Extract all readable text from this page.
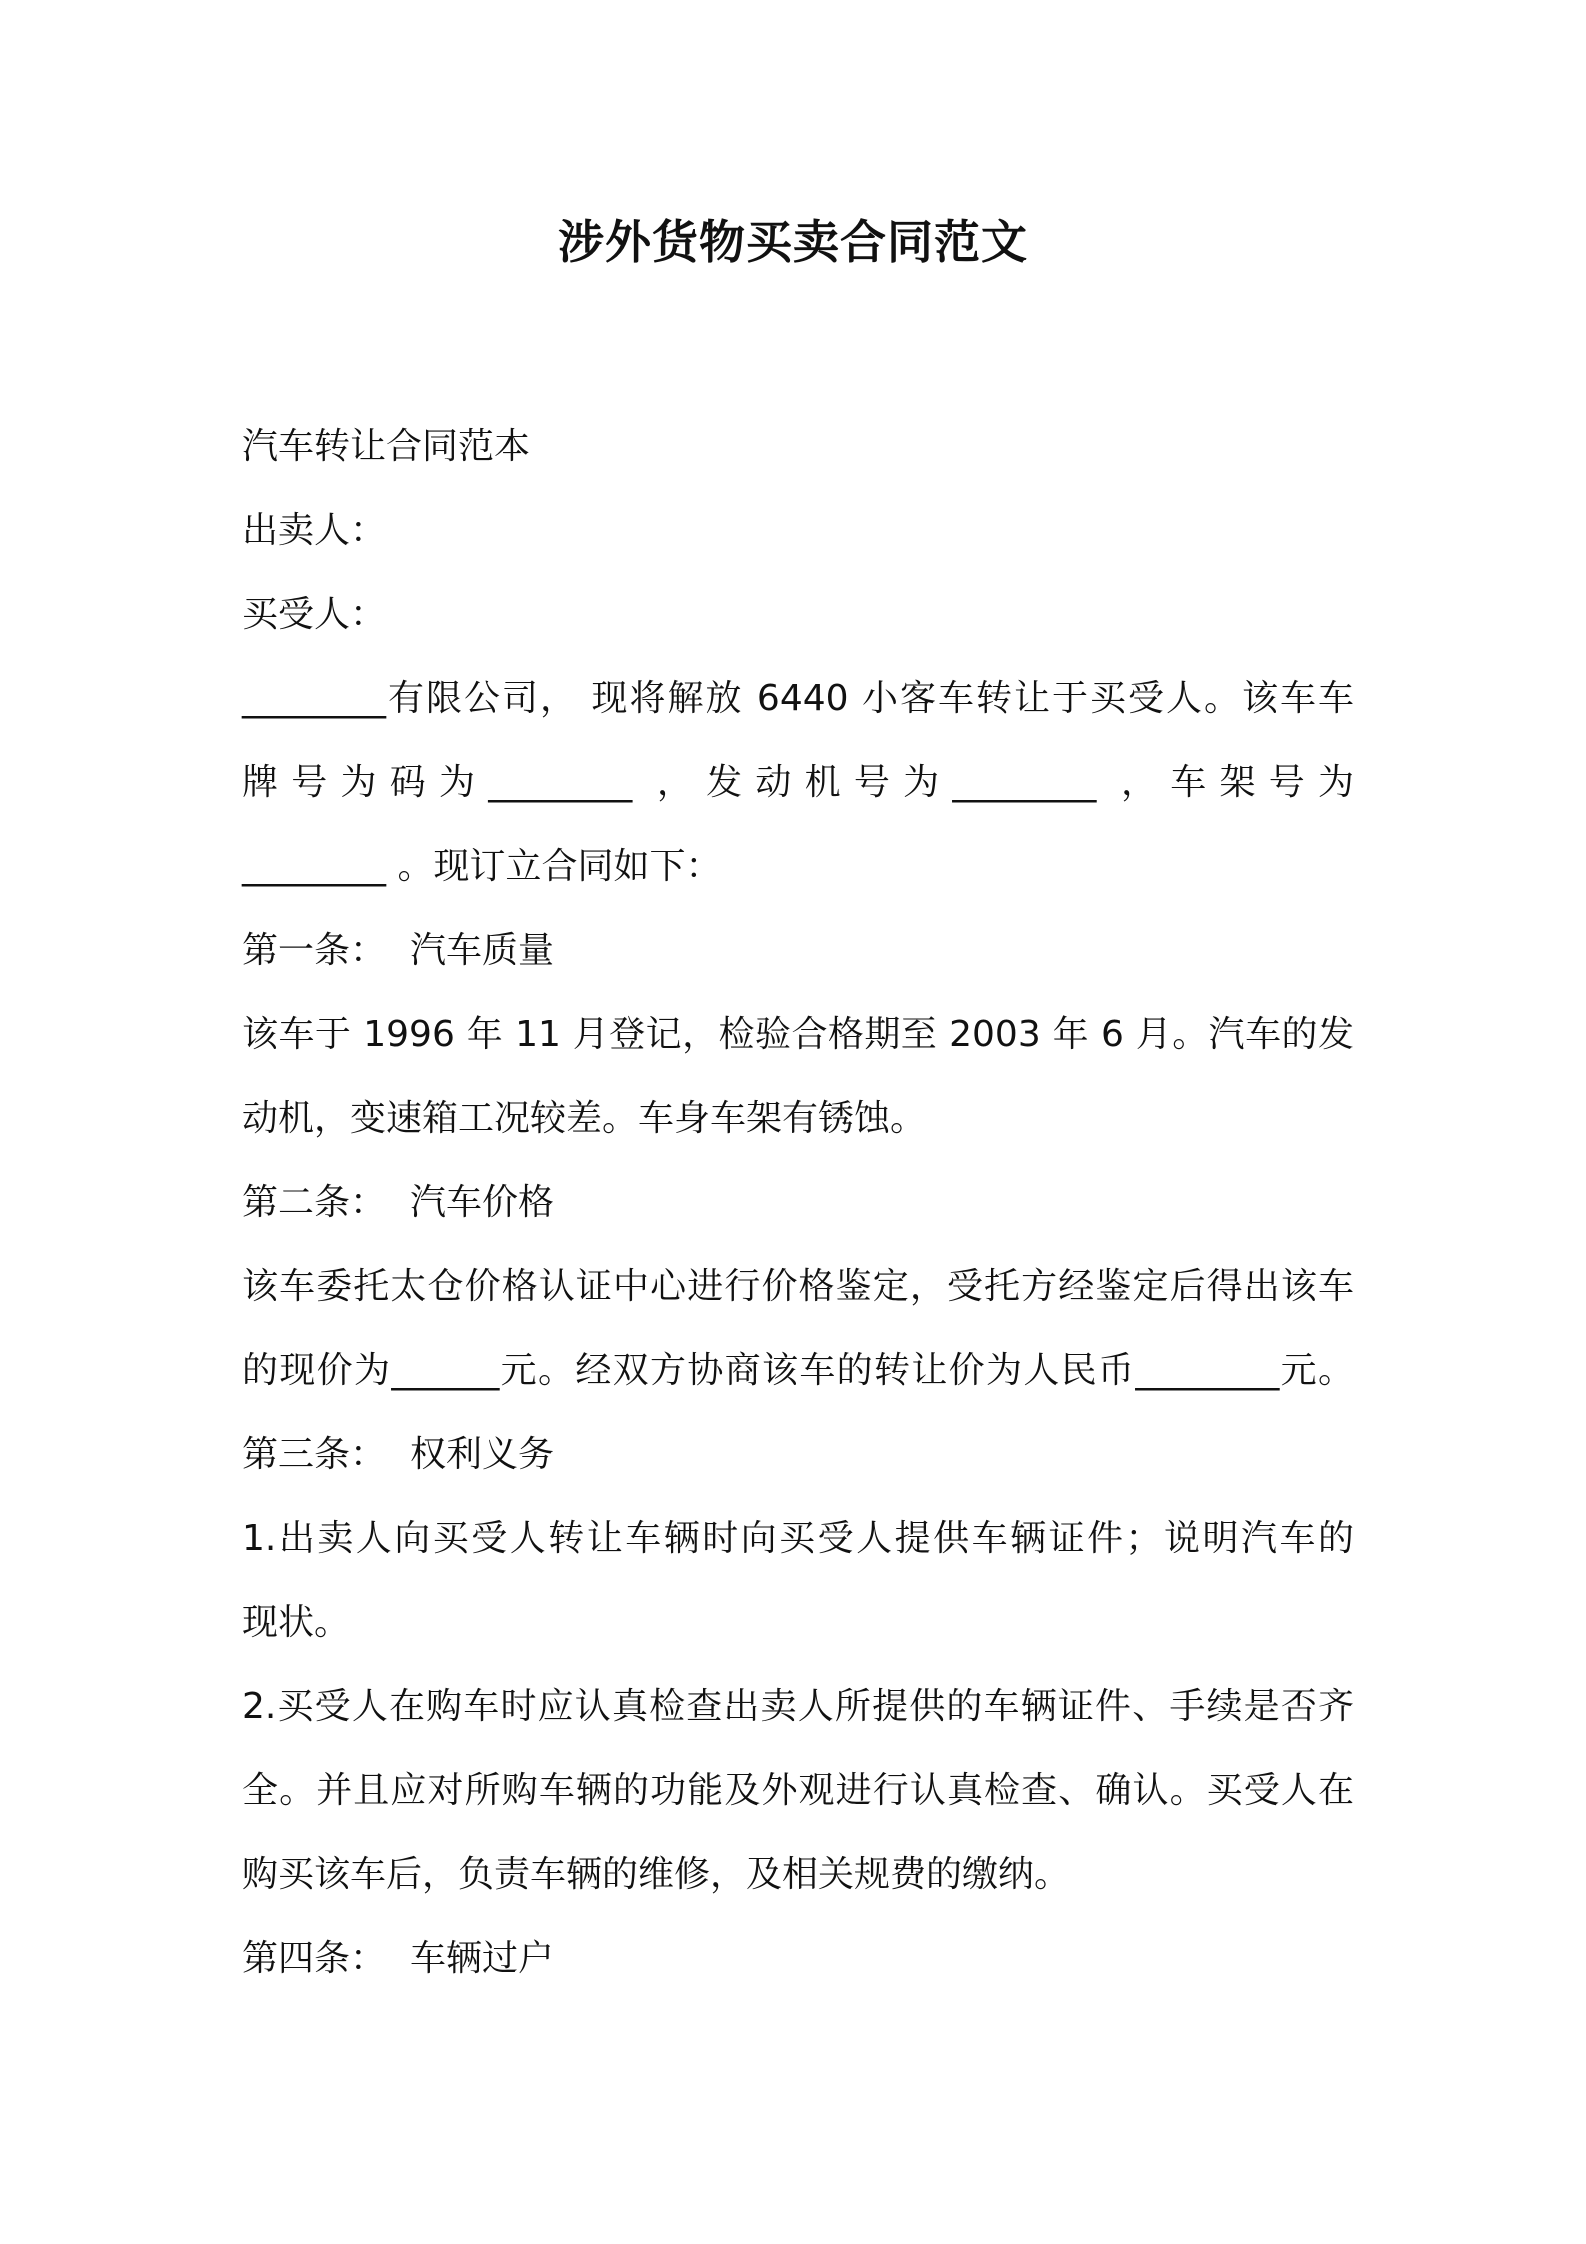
涉外货物买卖合同范文
汽车转让合同范本
出卖人：
买受人：
________有限公司， 现将解放 6440 小客车转让于买受人。该车车
牌号为码为________ ，发动机号为________ ，车架号为
________ 。现订立合同如下：
第一条： 汽车质量
该车于 1996 年 11 月登记，检验合格期至 2003 年 6 月。汽车的发
动机，变速箱工况较差。车身车架有锈蚀。
第二条： 汽车价格
该车委托太仓价格认证中心进行价格鉴定，受托方经鉴定后得出该车
的现价为______元。经双方协商该车的转让价为人民币________元。
第三条： 权利义务
1.出卖人向买受人转让车辆时向买受人提供车辆证件；说明汽车的
现状。
2.买受人在购车时应认真检查出卖人所提供的车辆证件、手续是否齐
全。并且应对所购车辆的功能及外观进行认真检查、确认。买受人在
购买该车后，负责车辆的维修，及相关规费的缴纳。
第四条： 车辆过户
